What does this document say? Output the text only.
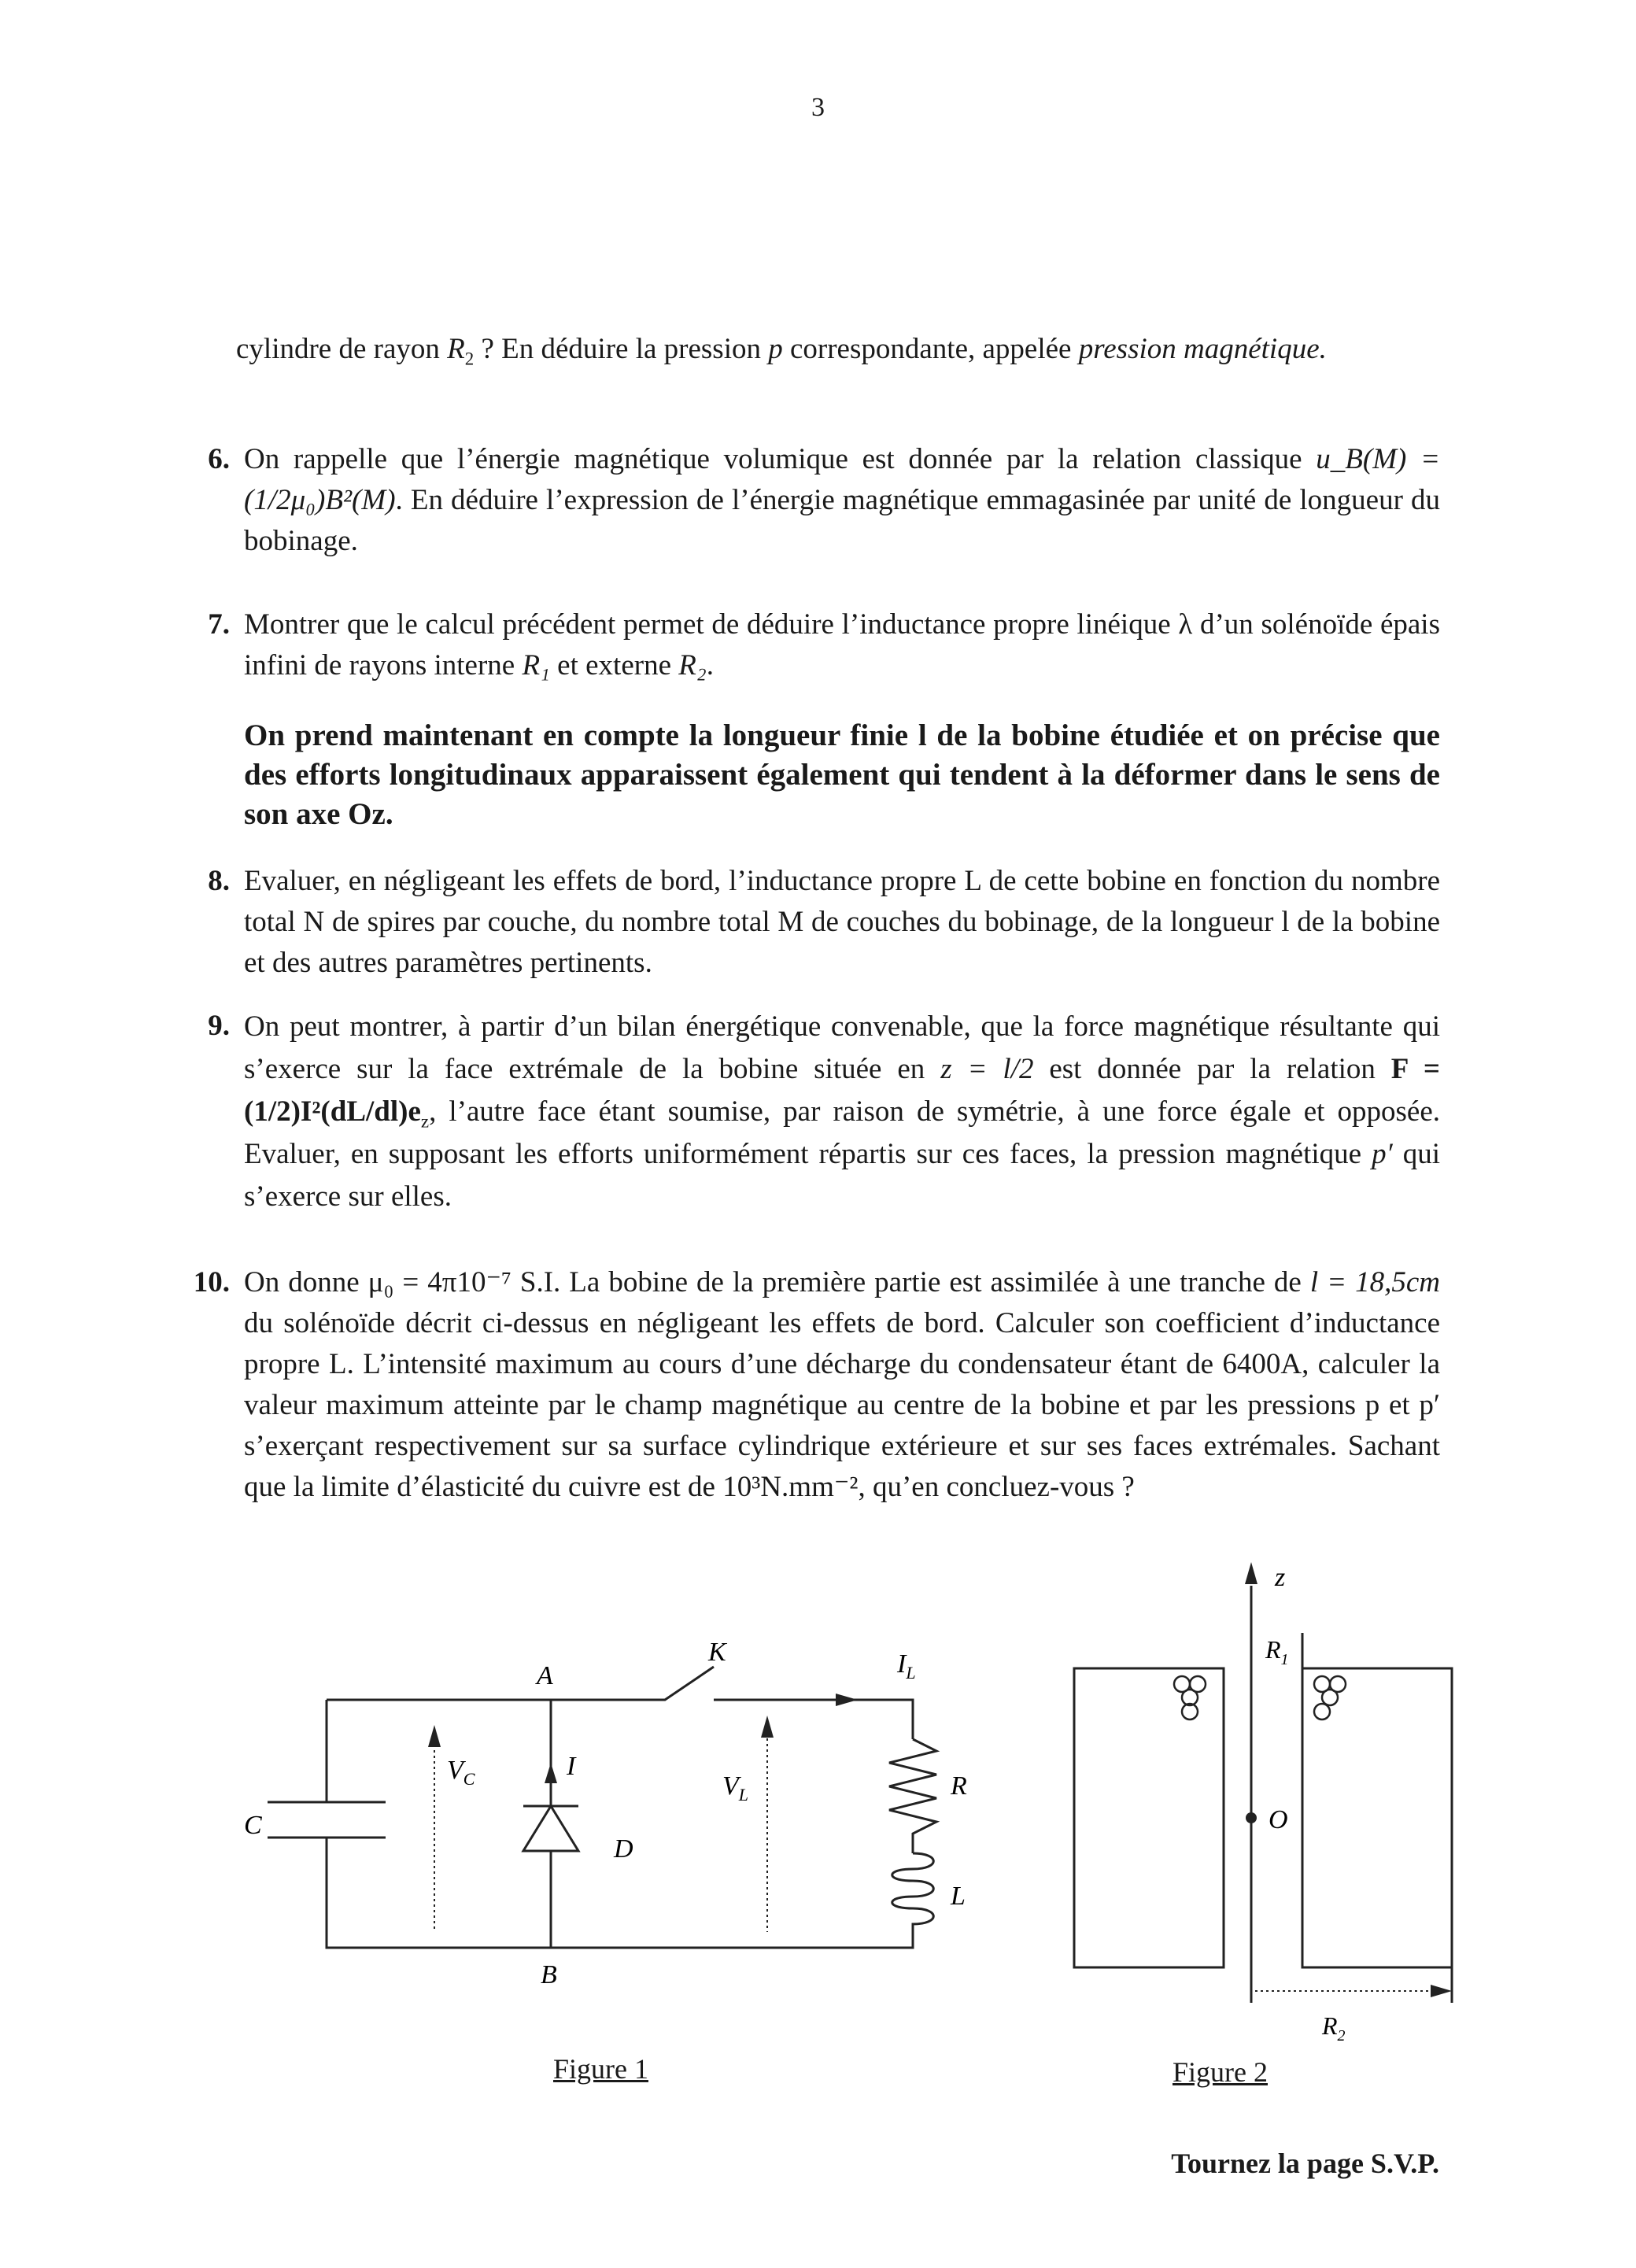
3
cylindre de rayon $R_2$ ? En déduire la pression p correspondante, appelée pression magnétique.
6. On rappelle que l’énergie magnétique volumique est donnée par la relation classique u_B(M) = (1/2μ₀)B²(M). En déduire l’expression de l’énergie magnétique emmagasinée par unité de longueur du bobinage.
7. Montrer que le calcul précédent permet de déduire l’inductance propre linéique λ d’un solénoïde épais infini de rayons interne R₁ et externe R₂.
On prend maintenant en compte la longueur finie l de la bobine étudiée et on précise que des efforts longitudinaux apparaissent également qui tendent à la déformer dans le sens de son axe Oz.
8. Evaluer, en négligeant les effets de bord, l’inductance propre L de cette bobine en fonction du nombre total N de spires par couche, du nombre total M de couches du bobinage, de la longueur l de la bobine et des autres paramètres pertinents.
9. On peut montrer, à partir d’un bilan énergétique convenable, que la force magnétique résultante qui s’exerce sur la face extrémale de la bobine située en z = l/2 est donnée par la relation $F = (1/2)I^2(dL/dl)e_z$, l’autre face étant soumise, par raison de symétrie, à une force égale et opposée. Evaluer, en supposant les efforts uniformément répartis sur ces faces, la pression magnétique p′ qui s’exerce sur elles.
10. On donne μ₀ = 4π10⁻⁷ S.I. La bobine de la première partie est assimilée à une tranche de l = 18,5cm du solénoïde décrit ci-dessus en négligeant les effets de bord. Calculer son coefficient d’inductance propre L. L’intensité maximum au cours d’une décharge du condensateur étant de 6400A, calculer la valeur maximum atteinte par le champ magnétique au centre de la bobine et par les pressions p et p′ s’exerçant respectivement sur sa surface cylindrique extérieure et sur ses faces extrémales. Sachant que la limite d’élasticité du cuivre est de 10³N.mm⁻², qu’en concluez-vous ?
A
K	$I_L$
$V_C$	I
D
$V_L$	R
L
C
B
Figure 1
z
$R_1$
O
$R_2$
Figure 2
Tournez la page S.V.P.
